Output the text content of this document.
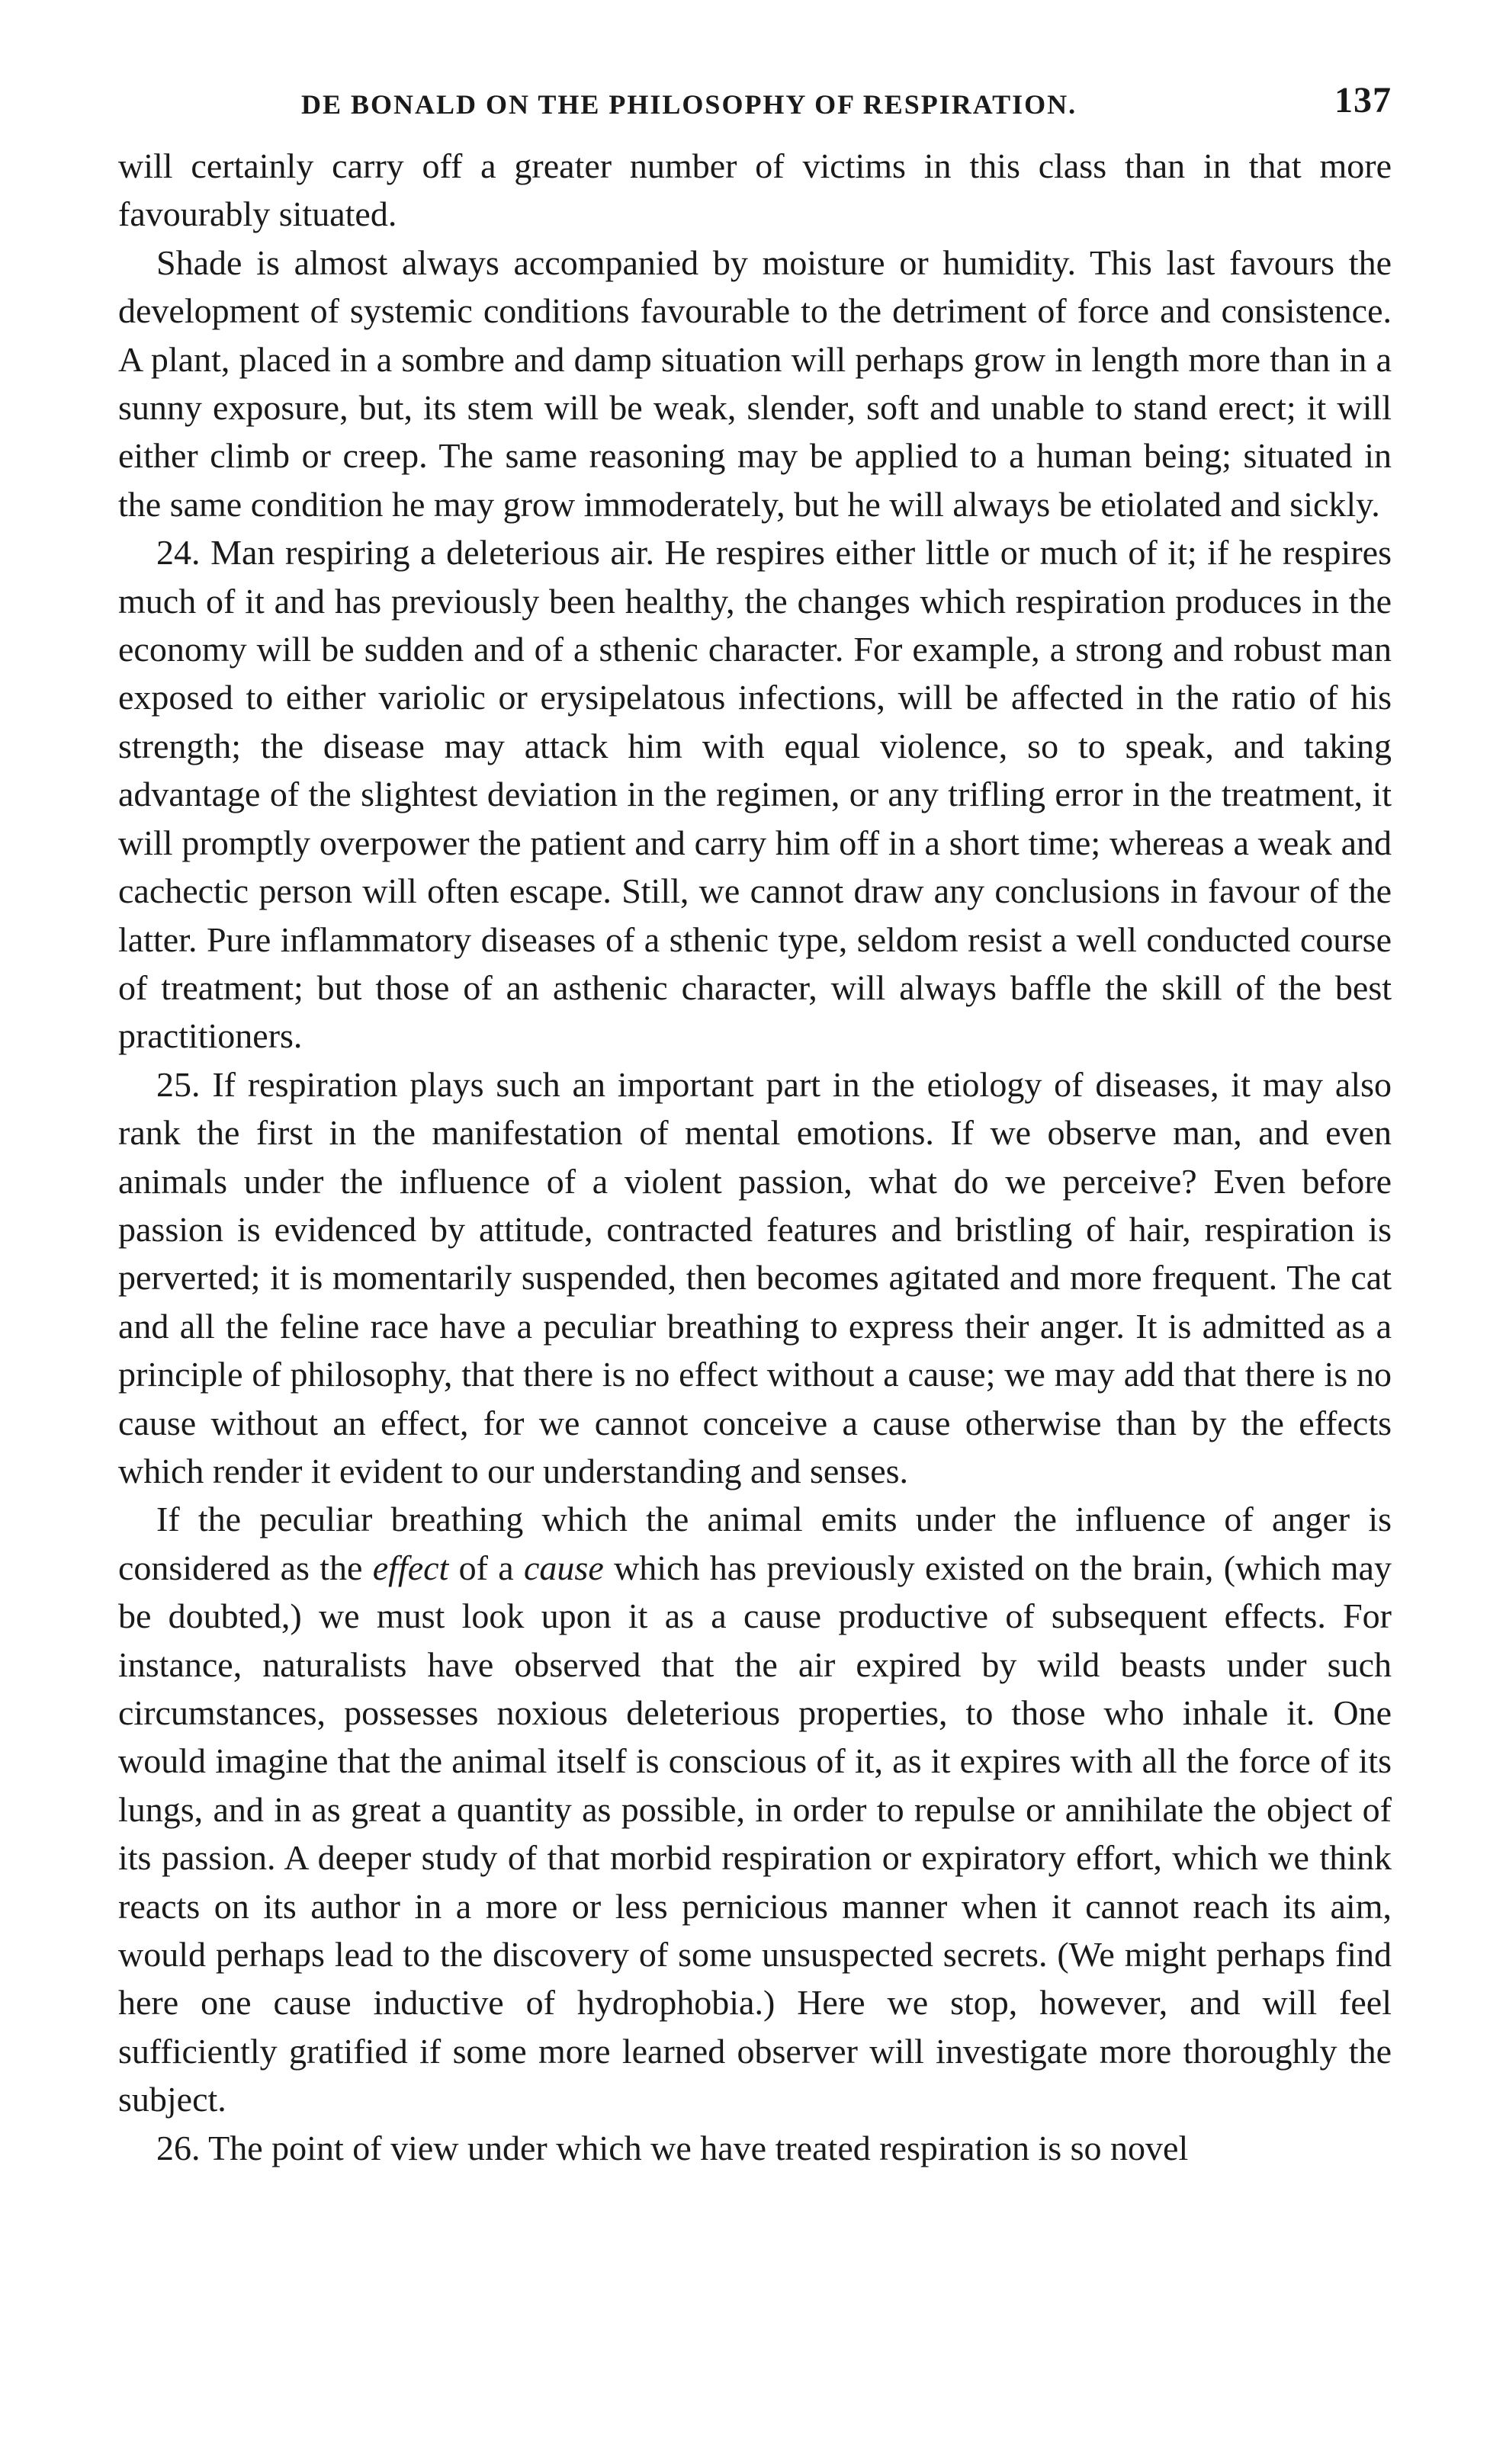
DE BONALD ON THE PHILOSOPHY OF RESPIRATION.	137

will certainly carry off a greater number of victims in this class than in that more favourably situated.

Shade is almost always accompanied by moisture or humidity. This last favours the development of systemic conditions favourable to the detriment of force and consistence. A plant, placed in a sombre and damp situation will perhaps grow in length more than in a sunny exposure, but, its stem will be weak, slender, soft and unable to stand erect; it will either climb or creep. The same reasoning may be applied to a human being; situated in the same condition he may grow immoderately, but he will always be etiolated and sickly.

24. Man respiring a deleterious air. He respires either little or much of it; if he respires much of it and has previously been healthy, the changes which respiration produces in the economy will be sudden and of a sthenic character. For example, a strong and robust man exposed to either variolic or erysipelatous infections, will be affected in the ratio of his strength; the disease may attack him with equal violence, so to speak, and taking advantage of the slightest deviation in the regimen, or any trifling error in the treatment, it will promptly overpower the patient and carry him off in a short time; whereas a weak and cachectic person will often escape. Still, we cannot draw any conclusions in favour of the latter. Pure inflammatory diseases of a sthenic type, seldom resist a well conducted course of treatment; but those of an asthenic character, will always baffle the skill of the best practitioners.

25. If respiration plays such an important part in the etiology of diseases, it may also rank the first in the manifestation of mental emotions. If we observe man, and even animals under the influence of a violent passion, what do we perceive? Even before passion is evidenced by attitude, contracted features and bristling of hair, respiration is perverted; it is momentarily suspended, then becomes agitated and more frequent. The cat and all the feline race have a peculiar breathing to express their anger. It is admitted as a principle of philosophy, that there is no effect without a cause; we may add that there is no cause without an effect, for we cannot conceive a cause otherwise than by the effects which render it evident to our understanding and senses.

If the peculiar breathing which the animal emits under the influence of anger is considered as the effect of a cause which has previously existed on the brain, (which may be doubted,) we must look upon it as a cause productive of subsequent effects. For instance, naturalists have observed that the air expired by wild beasts under such circumstances, possesses noxious deleterious properties, to those who inhale it. One would imagine that the animal itself is conscious of it, as it expires with all the force of its lungs, and in as great a quantity as possible, in order to repulse or annihilate the object of its passion. A deeper study of that morbid respiration or expiratory effort, which we think reacts on its author in a more or less pernicious manner when it cannot reach its aim, would perhaps lead to the discovery of some unsuspected secrets. (We might perhaps find here one cause inductive of hydrophobia.) Here we stop, however, and will feel sufficiently gratified if some more learned observer will investigate more thoroughly the subject.

26. The point of view under which we have treated respiration is so novel
